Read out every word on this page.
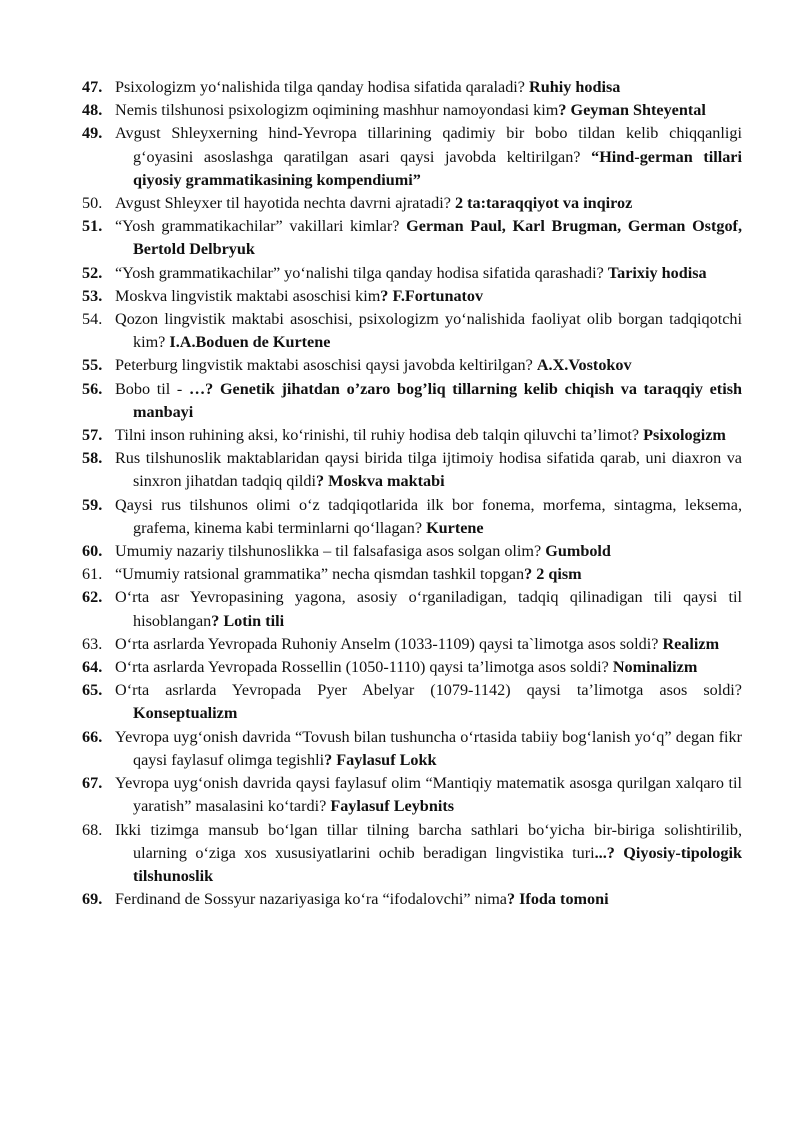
47. Psixologizm yo‘nalishida tilga qanday hodisa sifatida qaraladi? Ruhiy hodisa
48. Nemis tilshunosi psixologizm oqimining mashhur namoyondasi kim? Geyman Shteyental
49. Avgust Shleyxerning hind-Yevropa tillarining qadimiy bir bobo tildan kelib chiqqanligi g‘oyasini asoslashga qaratilgan asari qaysi javobda keltirilgan? “Hind-german tillari qiyosiy grammatikasining kompendiumi”
50. Avgust Shleyxer til hayotida nechta davrni ajratadi? 2 ta:taraqqiyot va inqiroz
51. “Yosh grammatikachilar” vakillari kimlar? German Paul, Karl Brugman, German Ostgof, Bertold Delbryuk
52. “Yosh grammatikachilar” yo‘nalishi tilga qanday hodisa sifatida qarashadi? Tarixiy hodisa
53. Moskva lingvistik maktabi asoschisi kim? F.Fortunatov
54. Qozon lingvistik maktabi asoschisi, psixologizm yo‘nalishida faoliyat olib borgan tadqiqotchi kim? I.A.Boduen de Kurtene
55. Peterburg lingvistik maktabi asoschisi qaysi javobda keltirilgan? A.X.Vostokov
56. Bobo til - …? Genetik jihatdan o’zaro bog’liq tillarning kelib chiqish va taraqqiy etish manbayi
57. Tilni inson ruhining aksi, ko‘rinishi, til ruhiy hodisa deb talqin qiluvchi ta’limot? Psixologizm
58. Rus tilshunoslik maktablaridan qaysi birida tilga ijtimoiy hodisa sifatida qarab, uni diaxron va sinxron jihatdan tadqiq qildi? Moskva maktabi
59. Qaysi rus tilshunos olimi o‘z tadqiqotlarida ilk bor fonema, morfema, sintagma, leksema, grafema, kinema kabi terminlarni qo‘llagan? Kurtene
60. Umumiy nazariy tilshunoslikka – til falsafasiga asos solgan olim? Gumbold
61. “Umumiy ratsional grammatika” necha qismdan tashkil topgan? 2 qism
62. O‘rta asr Yevropasining yagona, asosiy o‘rganiladigan, tadqiq qilinadigan tili qaysi til hisoblangan? Lotin tili
63. O‘rta asrlarda Yevropada Ruhoniy Anselm (1033-1109) qaysi ta`limotga asos soldi? Realizm
64. O‘rta asrlarda Yevropada Rossellin (1050-1110) qaysi ta’limotga asos soldi? Nominalizm
65. O‘rta asrlarda Yevropada Pyer Abelyar (1079-1142) qaysi ta’limotga asos soldi? Konseptualizm
66. Yevropa uyg‘onish davrida “Tovush bilan tushuncha o‘rtasida tabiiy bog‘lanish yo‘q” degan fikr qaysi faylasuf olimga tegishli? Faylasuf Lokk
67. Yevropa uyg‘onish davrida qaysi faylasuf olim “Mantiqiy matematik asosga qurilgan xalqaro til yaratish” masalasini ko‘tardi? Faylasuf Leybnits
68. Ikki tizimga mansub bo‘lgan tillar tilning barcha sathlari bo‘yicha bir-biriga solishtirilib, ularning o‘ziga xos xususiyatlarini ochib beradigan lingvistika turi...? Qiyosiy-tipologik tilshunoslik
69. Ferdinand de Sossyur nazariyasiga ko‘ra “ifodalovchi” nima? Ifoda tomoni
